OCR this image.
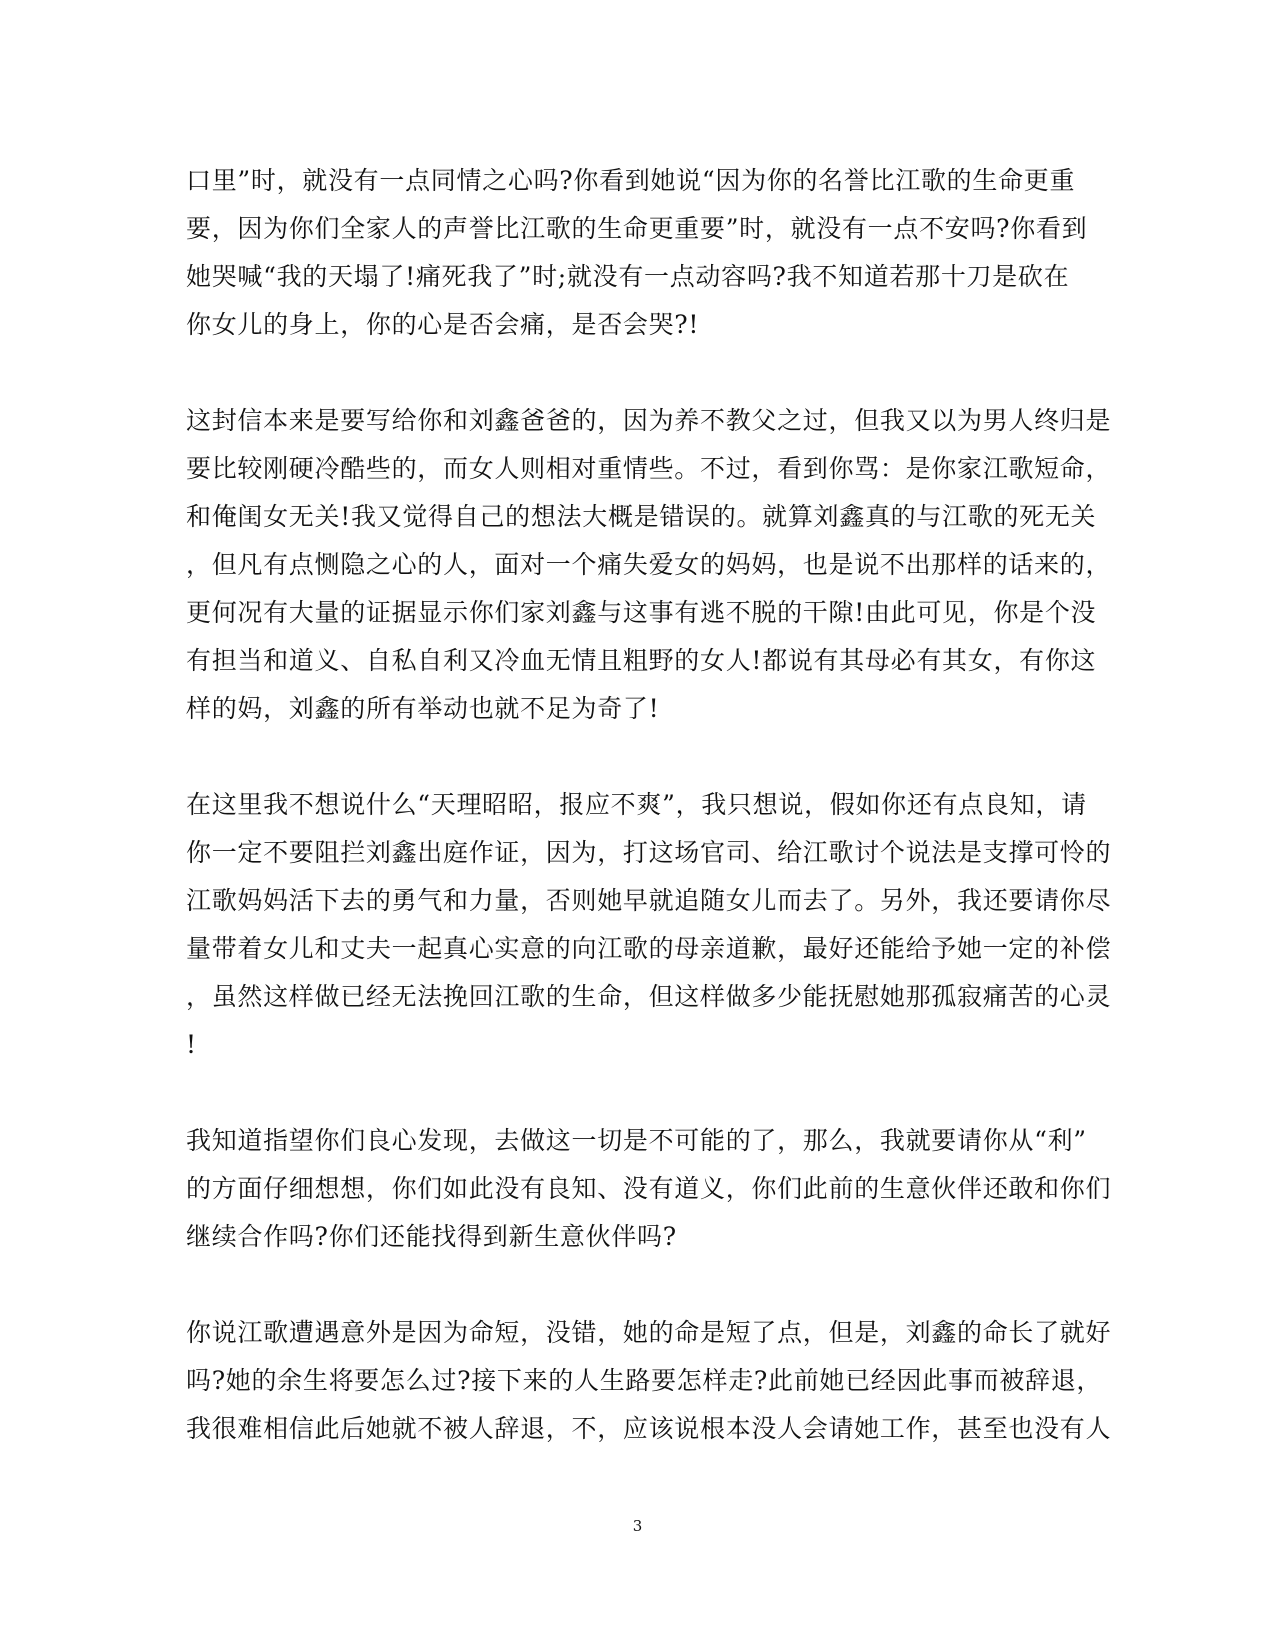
口里”时，就没有一点同情之心吗?你看到她说“因为你的名誉比江歌的生命更重
要，因为你们全家人的声誉比江歌的生命更重要”时，就没有一点不安吗?你看到
她哭喊“我的天塌了!痛死我了”时;就没有一点动容吗?我不知道若那十刀是砍在
你女儿的身上，你的心是否会痛，是否会哭?!
这封信本来是要写给你和刘鑫爸爸的，因为养不教父之过，但我又以为男人终归是
要比较刚硬冷酷些的，而女人则相对重情些。不过，看到你骂：是你家江歌短命，
和俺闺女无关!我又觉得自己的想法大概是错误的。就算刘鑫真的与江歌的死无关
，但凡有点恻隐之心的人，面对一个痛失爱女的妈妈，也是说不出那样的话来的，
更何况有大量的证据显示你们家刘鑫与这事有逃不脱的干隙!由此可见，你是个没
有担当和道义、自私自利又冷血无情且粗野的女人!都说有其母必有其女，有你这
样的妈，刘鑫的所有举动也就不足为奇了!
在这里我不想说什么“天理昭昭，报应不爽”，我只想说，假如你还有点良知，请
你一定不要阻拦刘鑫出庭作证，因为，打这场官司、给江歌讨个说法是支撑可怜的
江歌妈妈活下去的勇气和力量，否则她早就追随女儿而去了。另外，我还要请你尽
量带着女儿和丈夫一起真心实意的向江歌的母亲道歉，最好还能给予她一定的补偿
，虽然这样做已经无法挽回江歌的生命，但这样做多少能抚慰她那孤寂痛苦的心灵
!
我知道指望你们良心发现，去做这一切是不可能的了，那么，我就要请你从“利”
的方面仔细想想，你们如此没有良知、没有道义，你们此前的生意伙伴还敢和你们
继续合作吗?你们还能找得到新生意伙伴吗?
你说江歌遭遇意外是因为命短，没错，她的命是短了点，但是，刘鑫的命长了就好
吗?她的余生将要怎么过?接下来的人生路要怎样走?此前她已经因此事而被辞退，
我很难相信此后她就不被人辞退，不，应该说根本没人会请她工作，甚至也没有人
3
